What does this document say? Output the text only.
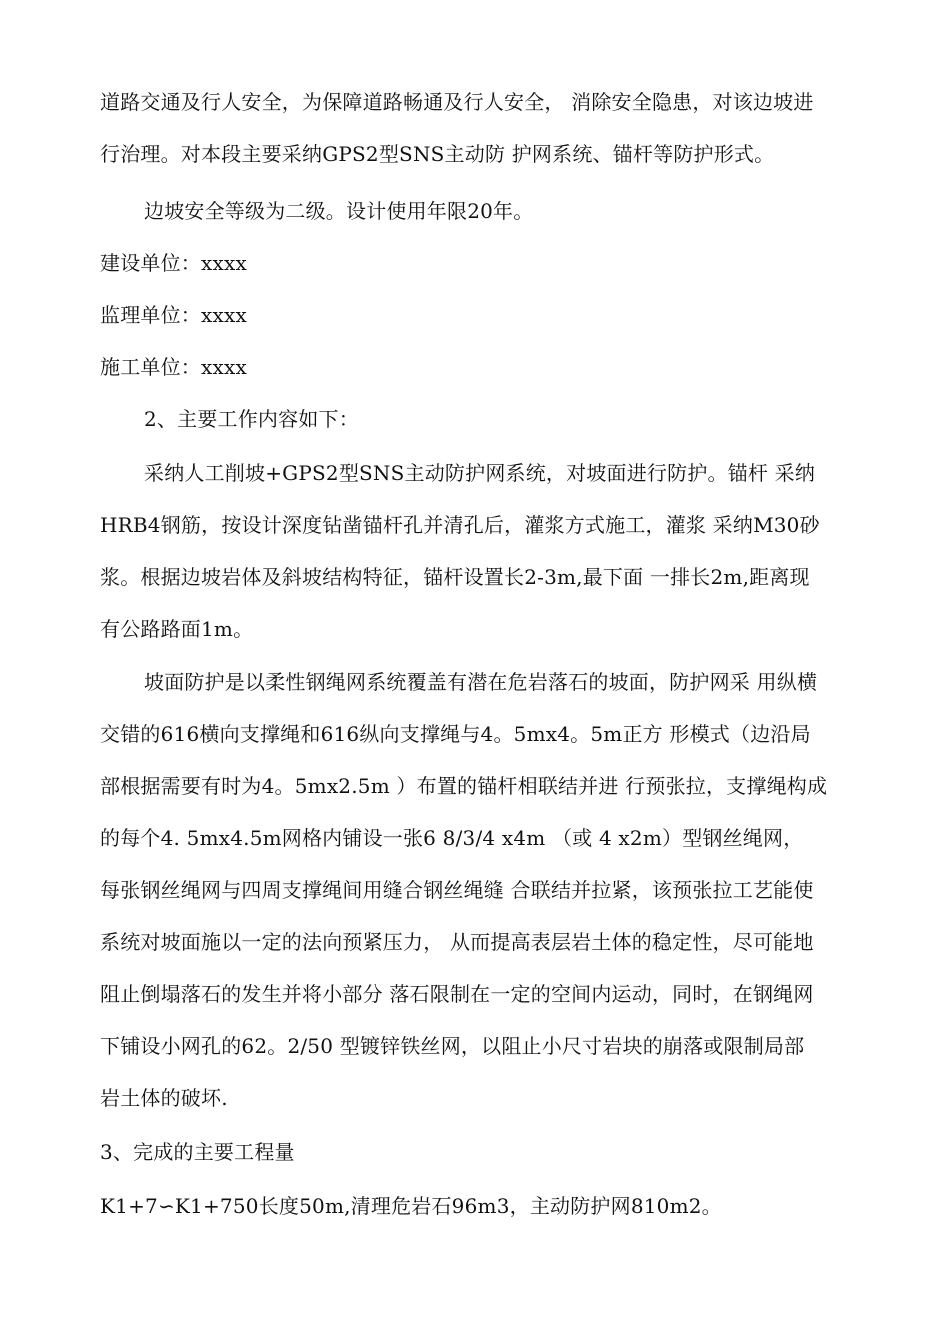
道路交通及行人安全，为保障道路畅通及行人安全， 消除安全隐患，对该边坡进
行治理。对本段主要采纳GPS2型SNS主动防 护网系统、锚杆等防护形式。

边坡安全等级为二级。设计使用年限20年。

建设单位：xxxx

监理单位：xxxx

施工单位：xxxx

2、主要工作内容如下：

采纳人工削坡+GPS2型SNS主动防护网系统，对坡面进行防护。锚杆 采纳
HRB4钢筋，按设计深度钻凿锚杆孔并清孔后，灌浆方式施工，灌浆 采纳M30砂
浆。根据边坡岩体及斜坡结构特征，锚杆设置长2-3m,最下面 一排长2m,距离现
有公路路面1m。

坡面防护是以柔性钢绳网系统覆盖有潜在危岩落石的坡面，防护网采 用纵横
交错的616横向支撑绳和616纵向支撑绳与4。5mx4。5m正方 形模式（边沿局
部根据需要有时为4。5mx2.5m ）布置的锚杆相联结并进 行预张拉，支撑绳构成
的每个4. 5mx4.5m网格内铺设一张6 8/3/4 x4m （或 4 x2m）型钢丝绳网，
每张钢丝绳网与四周支撑绳间用缝合钢丝绳缝 合联结并拉紧，该预张拉工艺能使
系统对坡面施以一定的法向预紧压力， 从而提高表层岩土体的稳定性，尽可能地
阻止倒塌落石的发生并将小部分 落石限制在一定的空间内运动，同时，在钢绳网
下铺设小网孔的62。2/50 型镀锌铁丝网，以阻止小尺寸岩块的崩落或限制局部
岩土体的破坏.

3、完成的主要工程量

K1+7∽K1+750长度50m,清理危岩石96m3，主动防护网810m2。
